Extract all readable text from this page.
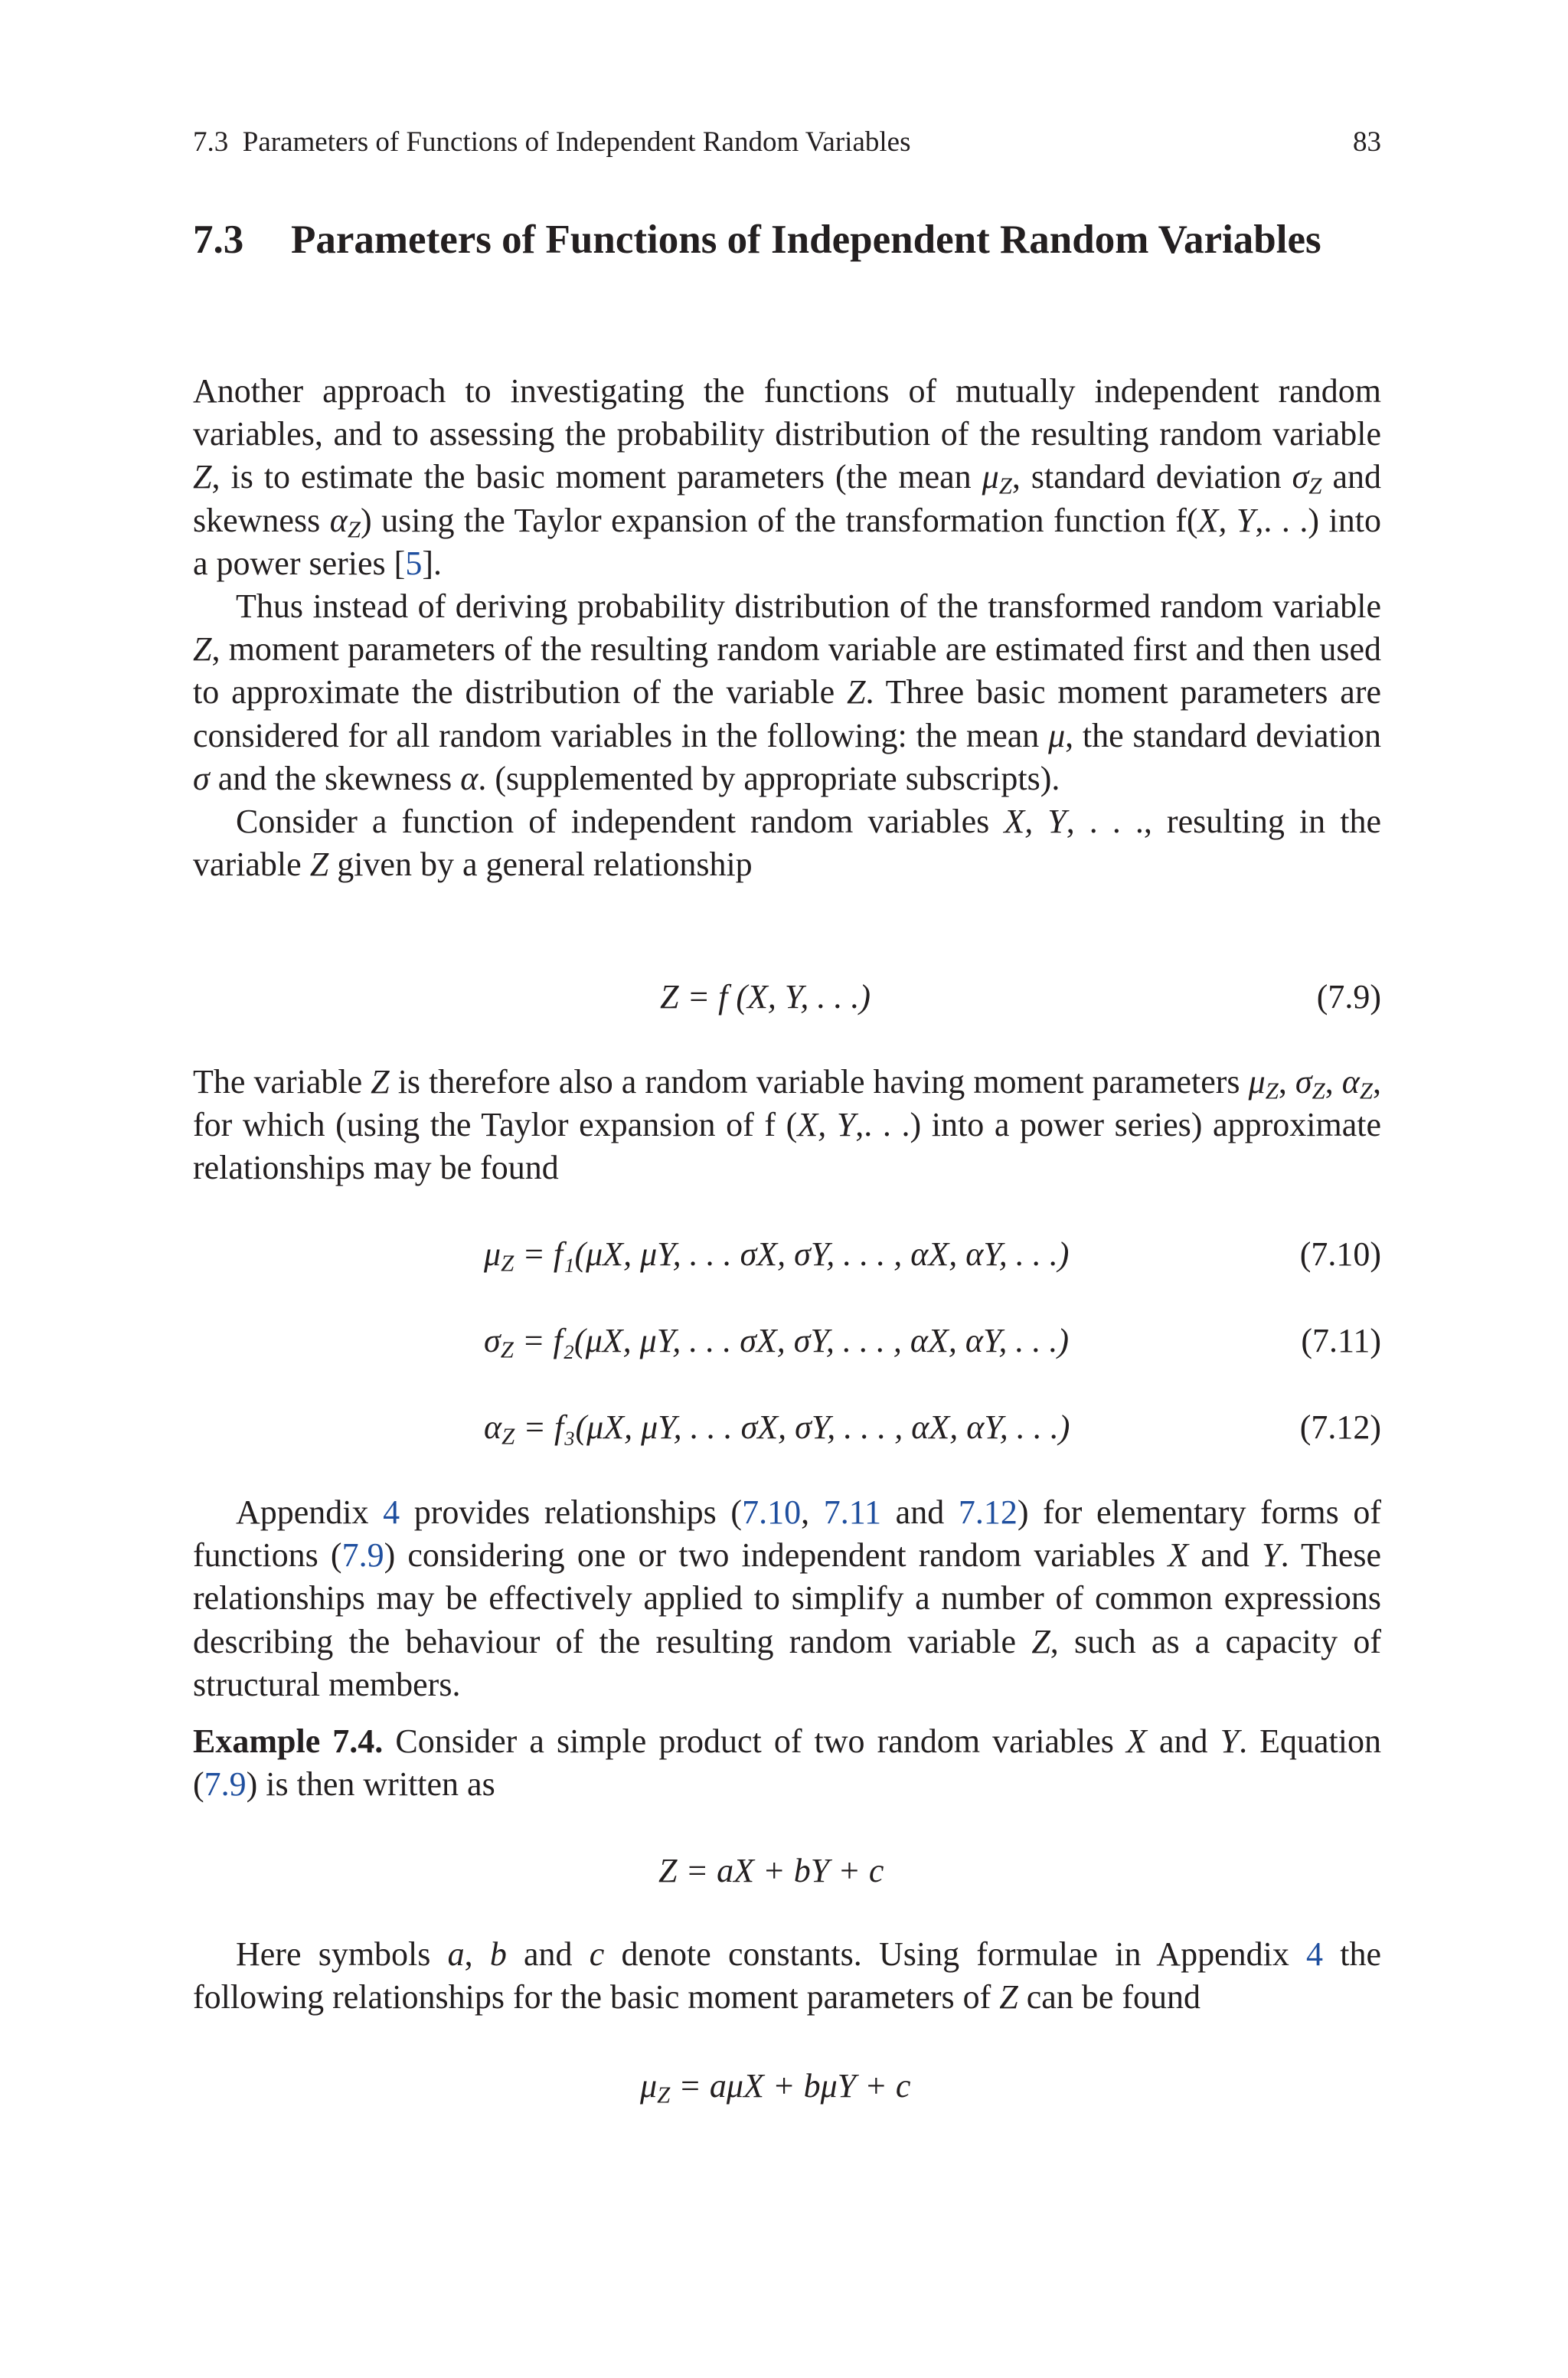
7.3 Parameters of Functions of Independent Random Variables	83
7.3 Parameters of Functions of Independent Random Variables

Another approach to investigating the functions of mutually independent random variables, and to assessing the probability distribution of the resulting random variable Z, is to estimate the basic moment parameters (the mean $\mu_Z$, standard deviation $\sigma_Z$ and skewness $\alpha_Z$) using the Taylor expansion of the transformation function f(X, Y,. . .) into a power series [5].

Thus instead of deriving probability distribution of the transformed random variable Z, moment parameters of the resulting random variable are estimated first and then used to approximate the distribution of the variable Z. Three basic moment parameters are considered for all random variables in the following: the mean μ, the standard deviation σ and the skewness α. (supplemented by appropriate subscripts).

Consider a function of independent random variables X, Y, . . ., resulting in the variable Z given by a general relationship

Z = f (X, Y, . . .)	(7.9)

The variable Z is therefore also a random variable having moment parameters $\mu_Z$, $\sigma_Z$, $\alpha_Z$, for which (using the Taylor expansion of f (X, Y,. . .) into a power series) approximate relationships may be found

$\mu_Z = f_1(\mu X$, μY, . . . σX, σY, . . . , αX, αY, . . .)	(7.10)
$\sigma_Z = f_2(\mu X$, μY, . . . σX, σY, . . . , αX, αY, . . .)	(7.11)
$\alpha_Z = f_3(\mu X$, μY, . . . σX, σY, . . . , αX, αY, . . .)	(7.12)

Appendix 4 provides relationships (7.10, 7.11 and 7.12) for elementary forms of functions (7.9) considering one or two independent random variables X and Y. These relationships may be effectively applied to simplify a number of common expressions describing the behaviour of the resulting random variable Z, such as a capacity of structural members.

Example 7.4. Consider a simple product of two random variables X and Y. Equation (7.9) is then written as

Z = aX + bY + c

Here symbols a, b and c denote constants. Using formulae in Appendix 4 the following relationships for the basic moment parameters of Z can be found

$\mu_Z = a\mu X + b\mu Y + c$
